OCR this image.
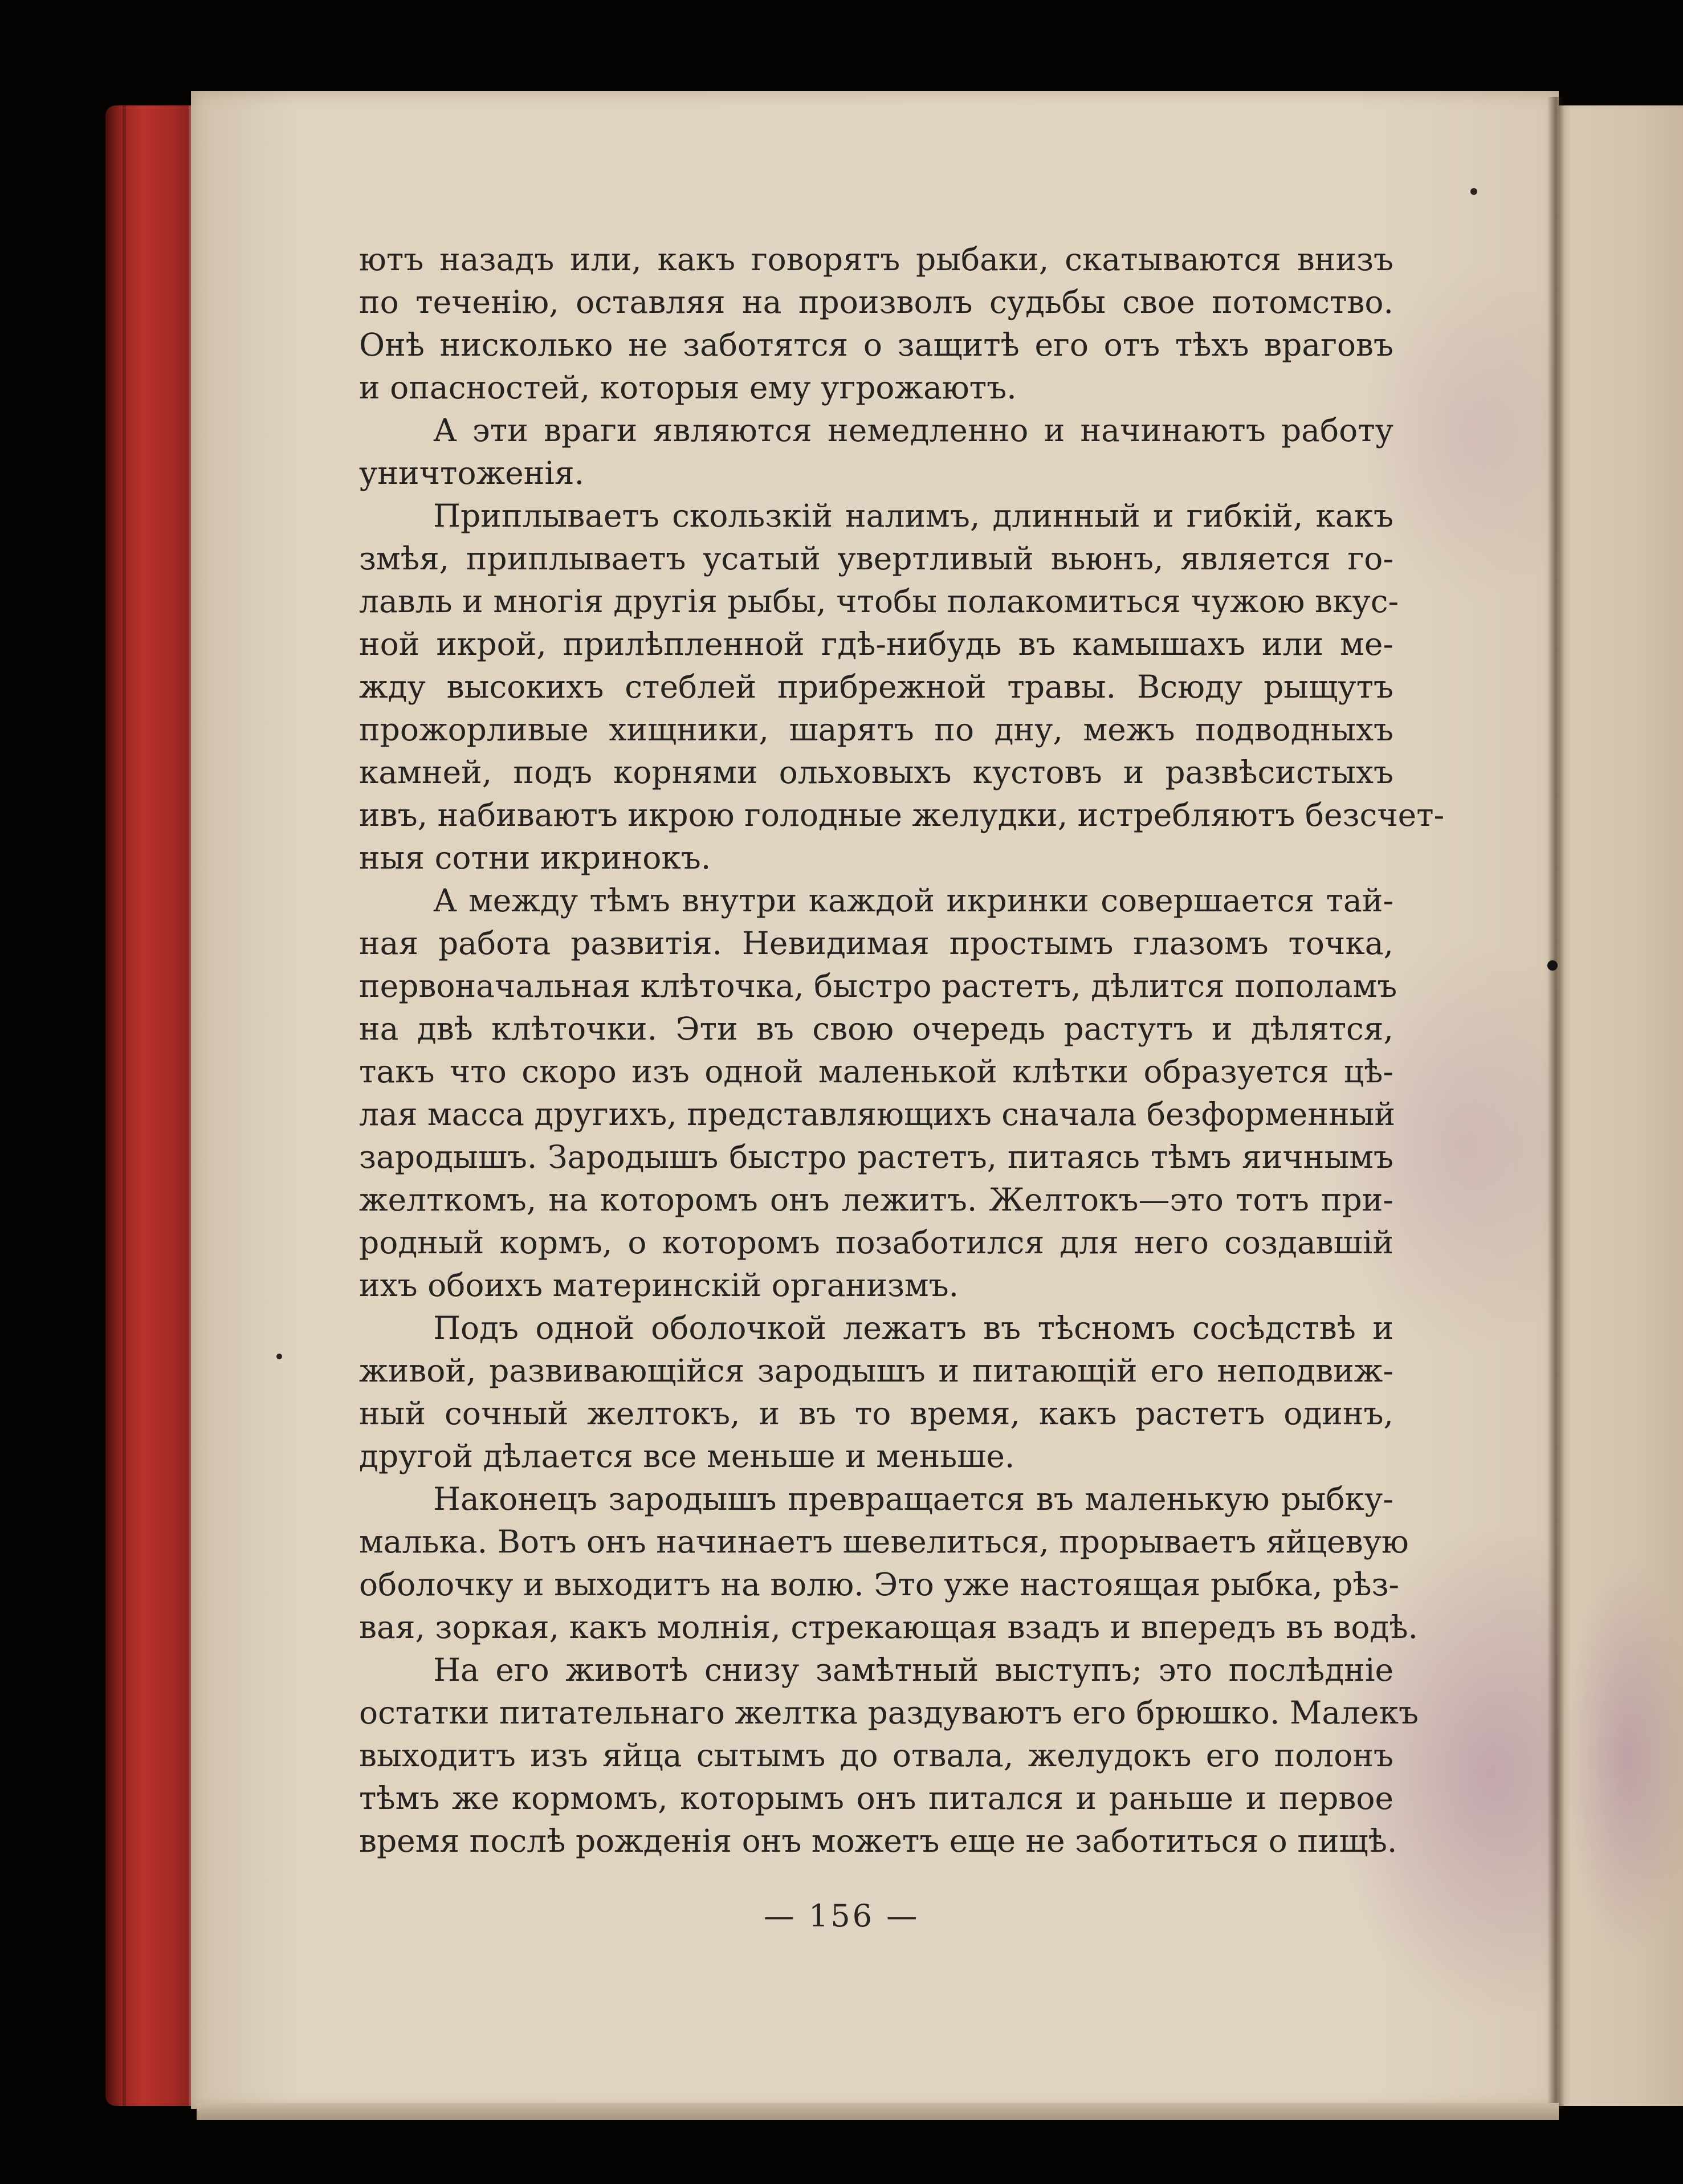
ютъ назадъ или, какъ говорятъ рыбаки, скатываются внизъ
по теченію, оставляя на произволъ судьбы свое потомство.
Онѣ нисколько не заботятся о защитѣ его отъ тѣхъ враговъ
и опасностей, которыя ему угрожаютъ.
А эти враги являются немедленно и начинаютъ работу
уничтоженія.
Приплываетъ скользкій налимъ, длинный и гибкій, какъ
змѣя, приплываетъ усатый увертливый вьюнъ, является го-
лавль и многія другія рыбы, чтобы полакомиться чужою вкус-
ной икрой, прилѣпленной гдѣ-нибудь въ камышахъ или ме-
жду высокихъ стеблей прибрежной травы. Всюду рыщутъ
прожорливые хищники, шарятъ по дну, межъ подводныхъ
камней, подъ корнями ольховыхъ кустовъ и развѣсистыхъ
ивъ, набиваютъ икрою голодные желудки, истребляютъ безсчет-
ныя сотни икринокъ.
А между тѣмъ внутри каждой икринки совершается тай-
ная работа развитія. Невидимая простымъ глазомъ точка,
первоначальная клѣточка, быстро растетъ, дѣлится пополамъ
на двѣ клѣточки. Эти въ свою очередь растутъ и дѣлятся,
такъ что скоро изъ одной маленькой клѣтки образуется цѣ-
лая масса другихъ, представляющихъ сначала безформенный
зародышъ. Зародышъ быстро растетъ, питаясь тѣмъ яичнымъ
желткомъ, на которомъ онъ лежитъ. Желтокъ—это тотъ при-
родный кормъ, о которомъ позаботился для него создавшій
ихъ обоихъ материнскій организмъ.
Подъ одной оболочкой лежатъ въ тѣсномъ сосѣдствѣ и
живой, развивающійся зародышъ и питающій его неподвиж-
ный сочный желтокъ, и въ то время, какъ растетъ одинъ,
другой дѣлается все меньше и меньше.
Наконецъ зародышъ превращается въ маленькую рыбку-
малька. Вотъ онъ начинаетъ шевелиться, прорываетъ яйцевую
оболочку и выходитъ на волю. Это уже настоящая рыбка, рѣз-
вая, зоркая, какъ молнія, стрекающая взадъ и впередъ въ водѣ.
На его животѣ снизу замѣтный выступъ; это послѣдніе
остатки питательнаго желтка раздуваютъ его брюшко. Малекъ
выходитъ изъ яйца сытымъ до отвала, желудокъ его полонъ
тѣмъ же кормомъ, которымъ онъ питался и раньше и первое
время послѣ рожденія онъ можетъ еще не заботиться о пищѣ.
— 156 —
